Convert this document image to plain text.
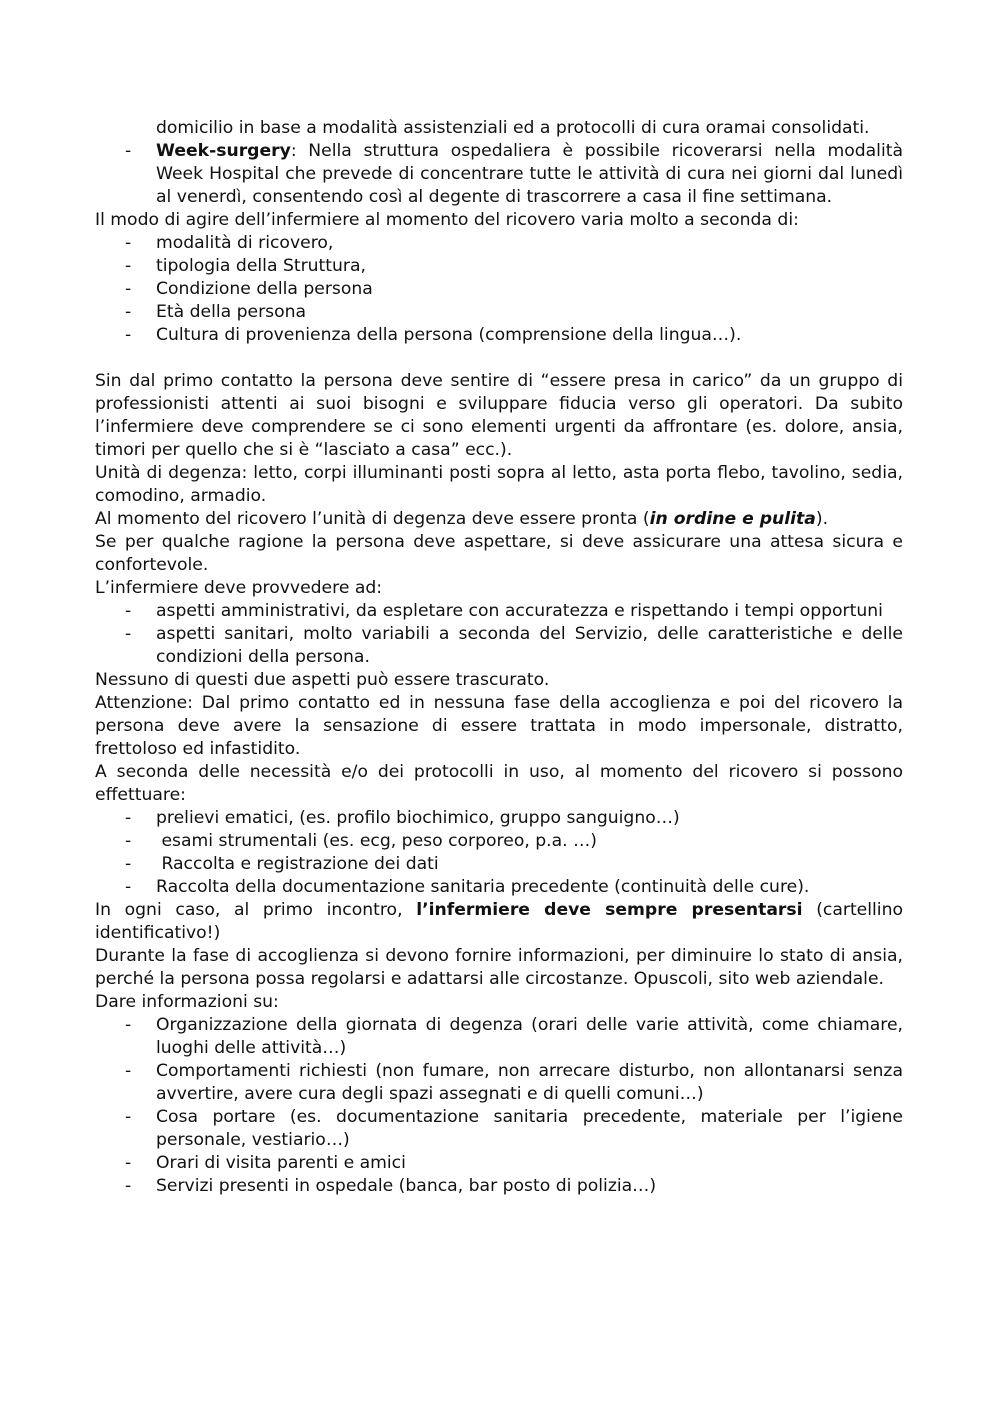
domicilio in base a modalità assistenziali ed a protocolli di cura oramai consolidati.
- Week-surgery: Nella struttura ospedaliera è possibile ricoverarsi nella modalità Week Hospital che prevede di concentrare tutte le attività di cura nei giorni dal lunedì al venerdì, consentendo così al degente di trascorrere a casa il fine settimana.

Il modo di agire dell’infermiere al momento del ricovero varia molto a seconda di:

- modalità di ricovero,
- tipologia della Struttura,
- Condizione della persona
- Età della persona
- Cultura di provenienza della persona (comprensione della lingua…).

Sin dal primo contatto la persona deve sentire di “essere presa in carico” da un gruppo di professionisti attenti ai suoi bisogni e sviluppare fiducia verso gli operatori. Da subito l’infermiere deve comprendere se ci sono elementi urgenti da affrontare (es. dolore, ansia, timori per quello che si è “lasciato a casa” ecc.).

Unità di degenza: letto, corpi illuminanti posti sopra al letto, asta porta flebo, tavolino, sedia, comodino, armadio.

Al momento del ricovero l’unità di degenza deve essere pronta (in ordine e pulita).

Se per qualche ragione la persona deve aspettare, si deve assicurare una attesa sicura e confortevole.

L’infermiere deve provvedere ad:

- aspetti amministrativi, da espletare con accuratezza e rispettando i tempi opportuni
- aspetti sanitari, molto variabili a seconda del Servizio, delle caratteristiche e delle condizioni della persona.

Nessuno di questi due aspetti può essere trascurato.

Attenzione: Dal primo contatto ed in nessuna fase della accoglienza e poi del ricovero la persona deve avere la sensazione di essere trattata in modo impersonale, distratto, frettoloso ed infastidito.

A seconda delle necessità e/o dei protocolli in uso, al momento del ricovero si possono effettuare:

- prelievi ematici, (es. profilo biochimico, gruppo sanguigno…)
- esami strumentali (es. ecg, peso corporeo, p.a. …)
- Raccolta e registrazione dei dati
- Raccolta della documentazione sanitaria precedente (continuità delle cure).

In ogni caso, al primo incontro, l’infermiere deve sempre presentarsi (cartellino identificativo!)

Durante la fase di accoglienza si devono fornire informazioni, per diminuire lo stato di ansia, perché la persona possa regolarsi e adattarsi alle circostanze. Opuscoli, sito web aziendale.

Dare informazioni su:

- Organizzazione della giornata di degenza (orari delle varie attività, come chiamare, luoghi delle attività…)
- Comportamenti richiesti (non fumare, non arrecare disturbo, non allontanarsi senza avvertire, avere cura degli spazi assegnati e di quelli comuni…)
- Cosa portare (es. documentazione sanitaria precedente, materiale per l’igiene personale, vestiario…)
- Orari di visita parenti e amici
- Servizi presenti in ospedale (banca, bar posto di polizia…)
